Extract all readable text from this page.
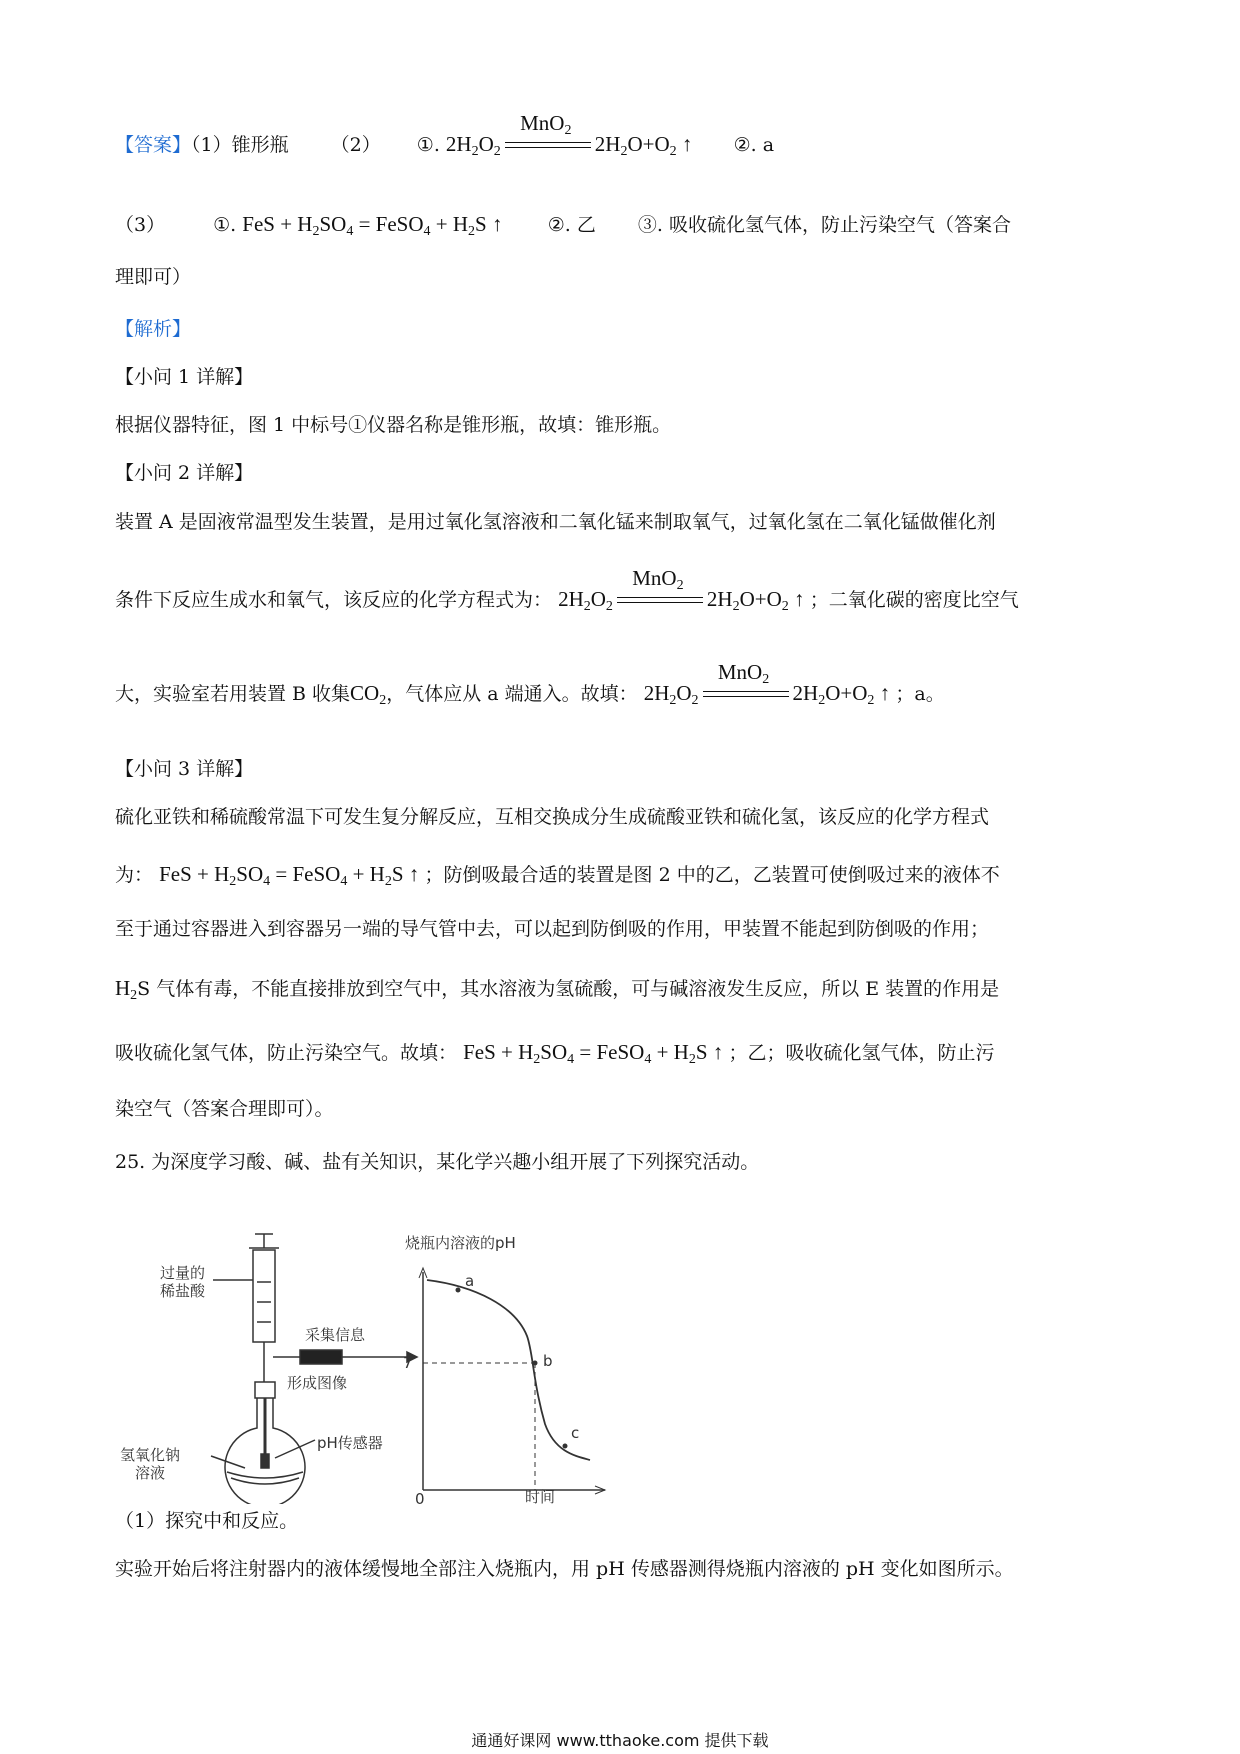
【答案】（1）锥形瓶 （2） ①. $2H_2O_2$
MnO$_2$
$2H_2O+O_2$ ↑ ②. a
（3）	①. FeS + $H_2SO_4$ = FeSO$_4$ + $H_2S$ ↑ ②. 乙 ③. 吸收硫化氢气体，防止污染空气（答案合
理即可）
【解析】
【小问 1 详解】
根据仪器特征，图 1 中标号①仪器名称是锥形瓶，故填：锥形瓶。
【小问 2 详解】
装置 A 是固液常温型发生装置，是用过氧化氢溶液和二氧化锰来制取氧气，过氧化氢在二氧化锰做催化剂
条件下反应生成水和氧气，该反应的化学方程式为： $2H_2O_2$
MnO$_2$
$2H_2O+O_2$ ↑ ；二氧化碳的密度比空气
大，实验室若用装置 B 收集$CO_2$，气体应从 a 端通入。故填： $2H_2O_2$
MnO$_2$
$2H_2O+O_2$ ↑ ；a。
【小问 3 详解】
硫化亚铁和稀硫酸常温下可发生复分解反应，互相交换成分生成硫酸亚铁和硫化氢，该反应的化学方程式
为： FeS + $H_2SO_4$ = FeSO$_4$ + $H_2S$ ↑ ；防倒吸最合适的装置是图 2 中的乙，乙装置可使倒吸过来的液体不
至于通过容器进入到容器另一端的导气管中去，可以起到防倒吸的作用，甲装置不能起到防倒吸的作用；
$H_2S$ 气体有毒，不能直接排放到空气中，其水溶液为氢硫酸，可与碱溶液发生反应，所以 E 装置的作用是
吸收硫化氢气体，防止污染空气。故填： FeS + $H_2SO_4$ = FeSO$_4$ + $H_2S$ ↑ ；乙；吸收硫化氢气体，防止污
染空气（答案合理即可）。
25. 为深度学习酸、碱、盐有关知识，某化学兴趣小组开展了下列探究活动。
过量的
稀盐酸
采集信息
形成图像
氢氧化钠
溶液
pH传感器
烧瓶内溶液的pH
7
0	时间
a
b
c
（1）探究中和反应。
实验开始后将注射器内的液体缓慢地全部注入烧瓶内，用 pH 传感器测得烧瓶内溶液的 pH 变化如图所示。
通通好课网 www.tthaoke.com 提供下载
